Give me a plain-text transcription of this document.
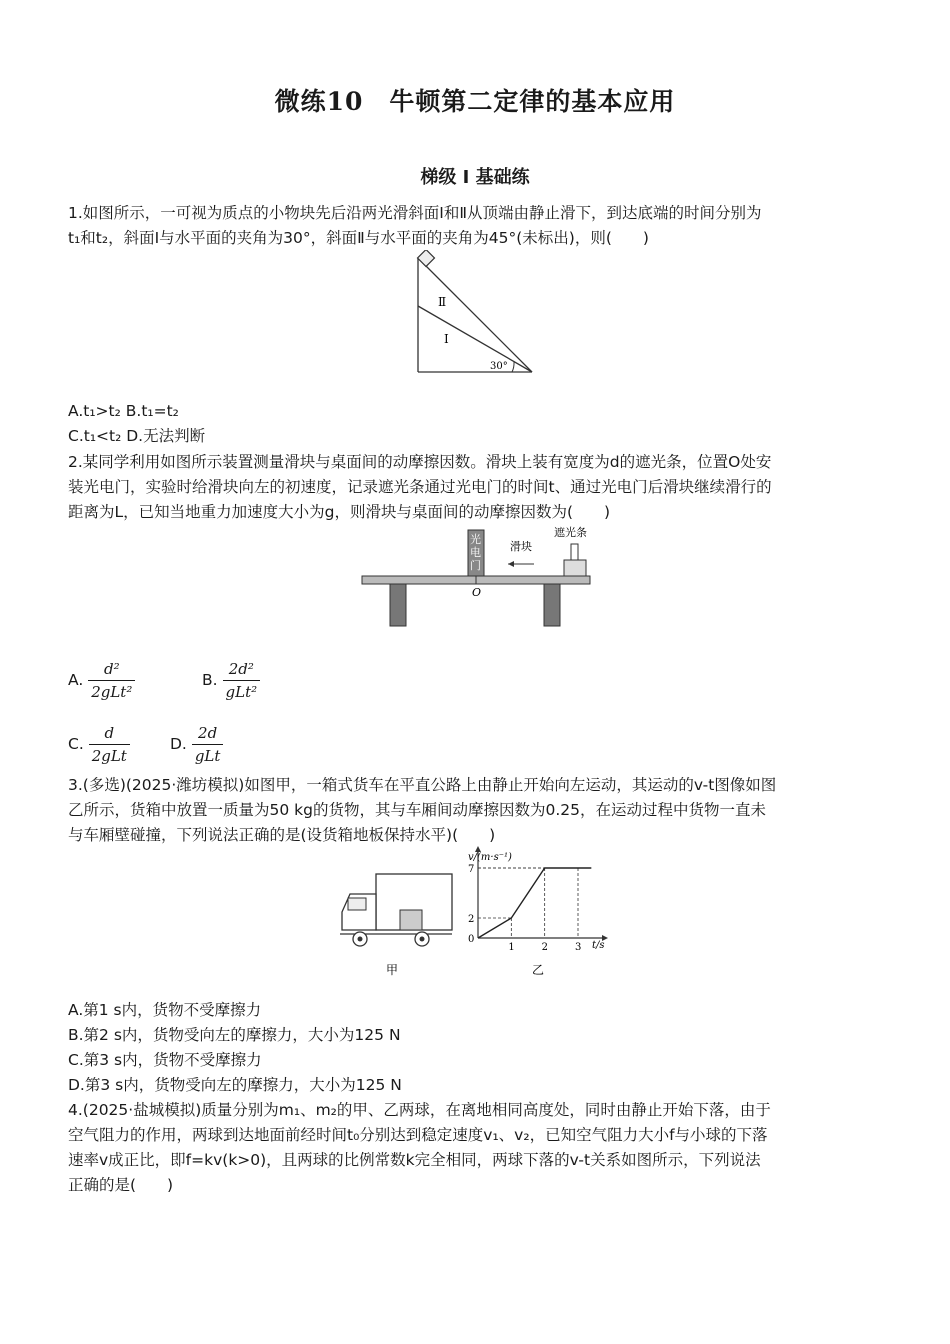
微练10　牛顿第二定律的基本应用
梯级 Ⅰ 基础练
1.如图所示，一可视为质点的小物块先后沿两光滑斜面Ⅰ和Ⅱ从顶端由静止滑下，到达底端的时间分别为
t₁和t₂，斜面Ⅰ与水平面的夹角为30°，斜面Ⅱ与水平面的夹角为45°(未标出)，则(　　)
Ⅱ
Ⅰ
30°
A.t₁>t₂ B.t₁=t₂
C.t₁<t₂ D.无法判断
2.某同学利用如图所示装置测量滑块与桌面间的动摩擦因数。滑块上装有宽度为d的遮光条，位置O处安
装光电门，实验时给滑块向左的初速度，记录遮光条通过光电门的时间t、通过光电门后滑块继续滑行的
距离为L，已知当地重力加速度大小为g，则滑块与桌面间的动摩擦因数为(　　)
光
电
门
O
滑块
遮光条
A. $\frac{\text{d²}}{\text{2gLt²}}$	B. $\frac{\text{2d²}}{\text{gLt²}}$
C. $\frac{d}{\text{2gLt}}$	D. $\frac{2d}{\text{gLt}}$
3.(多选)(2025·潍坊模拟)如图甲，一箱式货车在平直公路上由静止开始向左运动，其运动的v-t图像如图
乙所示，货箱中放置一质量为50 kg的货物，其与车厢间动摩擦因数为0.25，在运动过程中货物一直未
与车厢壁碰撞，下列说法正确的是(设货箱地板保持水平)(　　)
甲
v/(m·s⁻¹)
t/s
乙
1	2	3
0
2
7
A.第1 s内，货物不受摩擦力
B.第2 s内，货物受向左的摩擦力，大小为125 N
C.第3 s内，货物不受摩擦力
D.第3 s内，货物受向左的摩擦力，大小为125 N
4.(2025·盐城模拟)质量分别为m₁、m₂的甲、乙两球，在离地相同高度处，同时由静止开始下落，由于
空气阻力的作用，两球到达地面前经时间t₀分别达到稳定速度v₁、v₂，已知空气阻力大小f与小球的下落
速率v成正比，即f=kv(k>0)，且两球的比例常数k完全相同，两球下落的v-t关系如图所示，下列说法
正确的是(　　)
